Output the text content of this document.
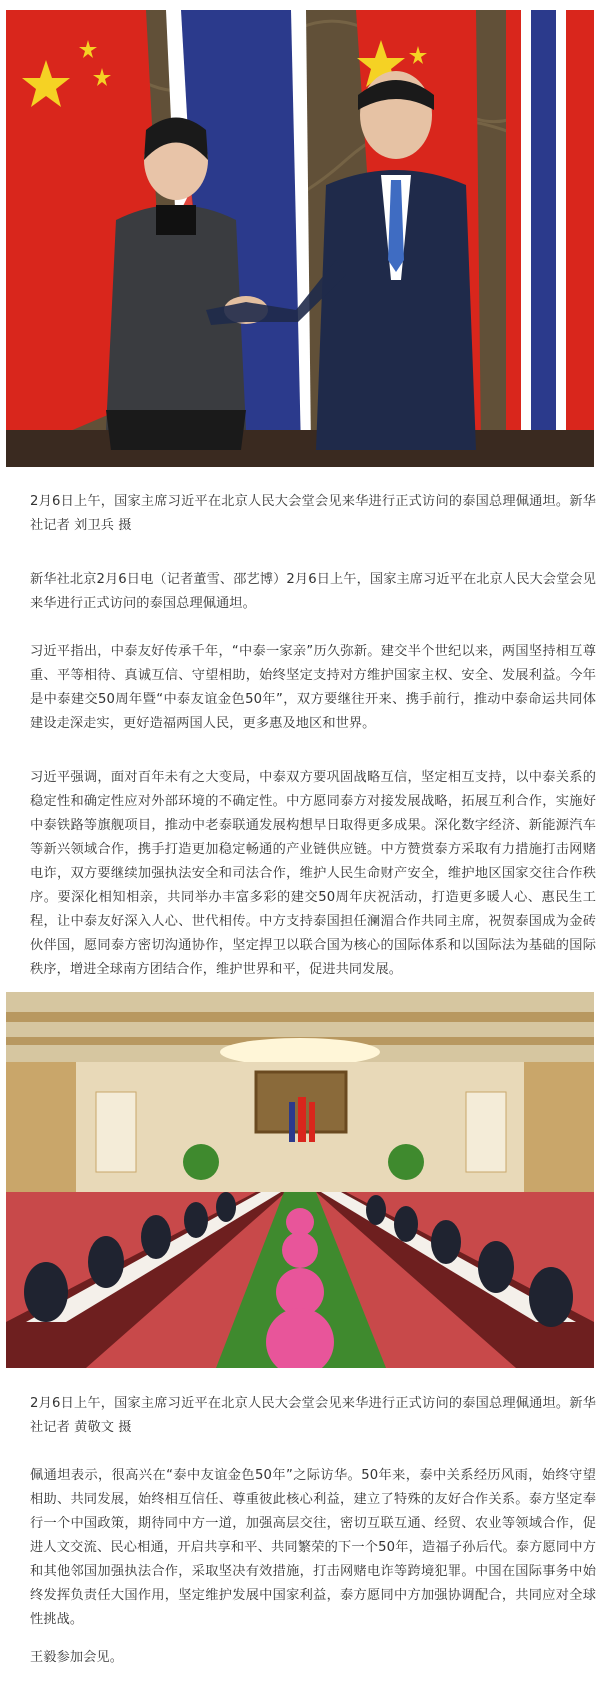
2月6日上午，国家主席习近平在北京人民大会堂会见来华进行正式访问的泰国总理佩通坦。新华社记者 刘卫兵 摄

新华社北京2月6日电（记者董雪、邵艺博）2月6日上午，国家主席习近平在北京人民大会堂会见来华进行正式访问的泰国总理佩通坦。

习近平指出，中泰友好传承千年，“中泰一家亲”历久弥新。建交半个世纪以来，两国坚持相互尊重、平等相待、真诚互信、守望相助，始终坚定支持对方维护国家主权、安全、发展利益。今年是中泰建交50周年暨“中泰友谊金色50年”，双方要继往开来、携手前行，推动中泰命运共同体建设走深走实，更好造福两国人民，更多惠及地区和世界。

习近平强调，面对百年未有之大变局，中泰双方要巩固战略互信，坚定相互支持，以中泰关系的稳定性和确定性应对外部环境的不确定性。中方愿同泰方对接发展战略，拓展互利合作，实施好中泰铁路等旗舰项目，推动中老泰联通发展构想早日取得更多成果。深化数字经济、新能源汽车等新兴领域合作，携手打造更加稳定畅通的产业链供应链。中方赞赏泰方采取有力措施打击网赌电诈，双方要继续加强执法安全和司法合作，维护人民生命财产安全，维护地区国家交往合作秩序。要深化相知相亲，共同举办丰富多彩的建交50周年庆祝活动，打造更多暖人心、惠民生工程，让中泰友好深入人心、世代相传。中方支持泰国担任澜湄合作共同主席，祝贺泰国成为金砖伙伴国，愿同泰方密切沟通协作，坚定捍卫以联合国为核心的国际体系和以国际法为基础的国际秩序，增进全球南方团结合作，维护世界和平，促进共同发展。

2月6日上午，国家主席习近平在北京人民大会堂会见来华进行正式访问的泰国总理佩通坦。新华社记者 黄敬文 摄

佩通坦表示，很高兴在“泰中友谊金色50年”之际访华。50年来，泰中关系经历风雨，始终守望相助、共同发展，始终相互信任、尊重彼此核心利益，建立了特殊的友好合作关系。泰方坚定奉行一个中国政策，期待同中方一道，加强高层交往，密切互联互通、经贸、农业等领域合作，促进人文交流、民心相通，开启共享和平、共同繁荣的下一个50年，造福子孙后代。泰方愿同中方和其他邻国加强执法合作，采取坚决有效措施，打击网赌电诈等跨境犯罪。中国在国际事务中始终发挥负责任大国作用，坚定维护发展中国家利益，泰方愿同中方加强协调配合，共同应对全球性挑战。

王毅参加会见。
